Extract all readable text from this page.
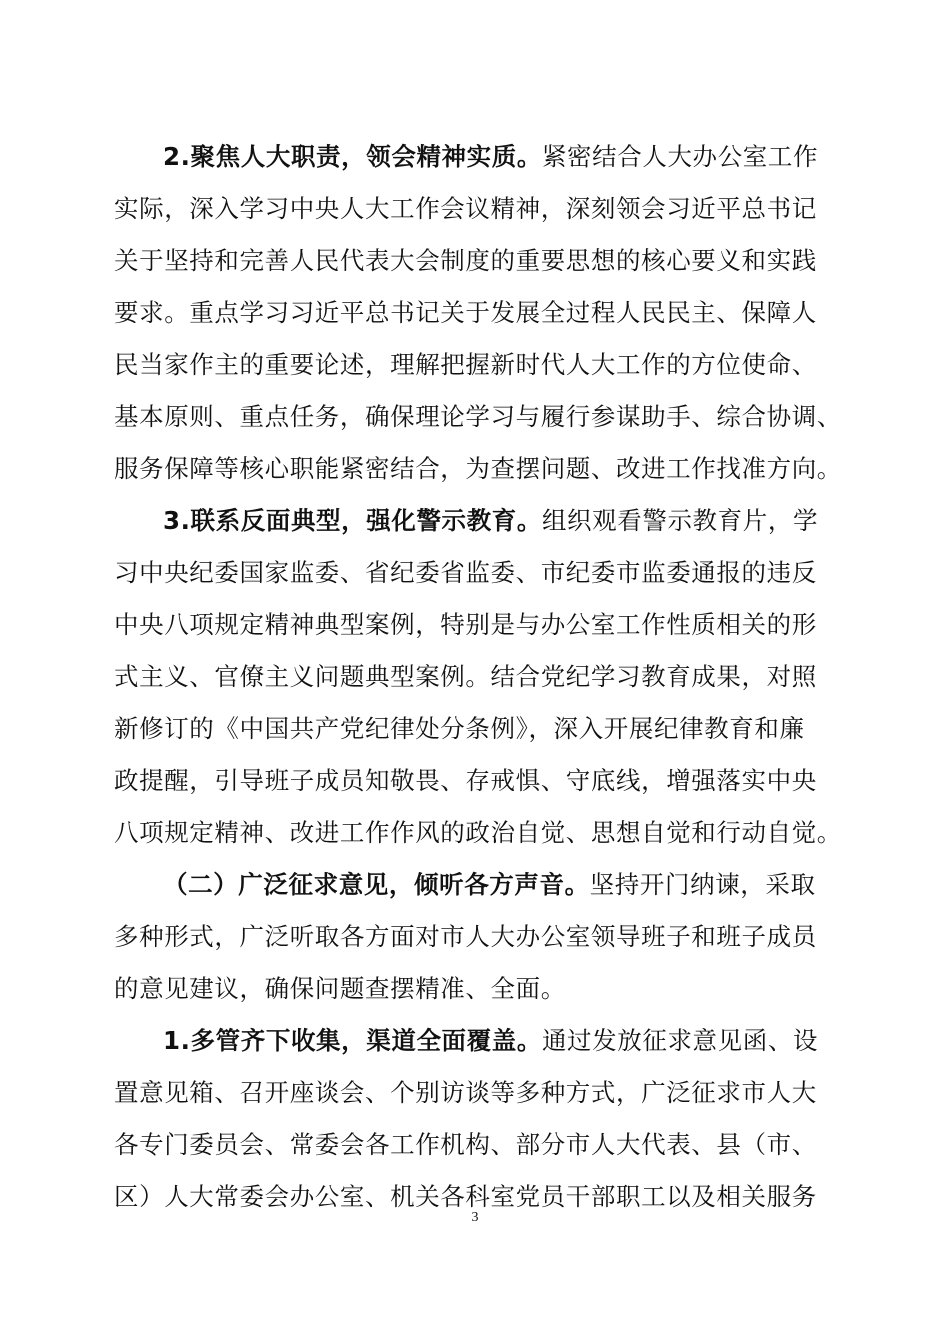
2.聚焦人大职责，领会精神实质。紧密结合人大办公室工作
实际，深入学习中央人大工作会议精神，深刻领会习近平总书记
关于坚持和完善人民代表大会制度的重要思想的核心要义和实践
要求。重点学习习近平总书记关于发展全过程人民民主、保障人
民当家作主的重要论述，理解把握新时代人大工作的方位使命、
基本原则、重点任务，确保理论学习与履行参谋助手、综合协调、
服务保障等核心职能紧密结合，为查摆问题、改进工作找准方向。
3.联系反面典型，强化警示教育。组织观看警示教育片，学
习中央纪委国家监委、省纪委省监委、市纪委市监委通报的违反
中央八项规定精神典型案例，特别是与办公室工作性质相关的形
式主义、官僚主义问题典型案例。结合党纪学习教育成果，对照
新修订的《中国共产党纪律处分条例》，深入开展纪律教育和廉
政提醒，引导班子成员知敬畏、存戒惧、守底线，增强落实中央
八项规定精神、改进工作作风的政治自觉、思想自觉和行动自觉。
（二）广泛征求意见，倾听各方声音。坚持开门纳谏，采取
多种形式，广泛听取各方面对市人大办公室领导班子和班子成员
的意见建议，确保问题查摆精准、全面。
1.多管齐下收集，渠道全面覆盖。通过发放征求意见函、设
置意见箱、召开座谈会、个别访谈等多种方式，广泛征求市人大
各专门委员会、常委会各工作机构、部分市人大代表、县（市、
区）人大常委会办公室、机关各科室党员干部职工以及相关服务
3
